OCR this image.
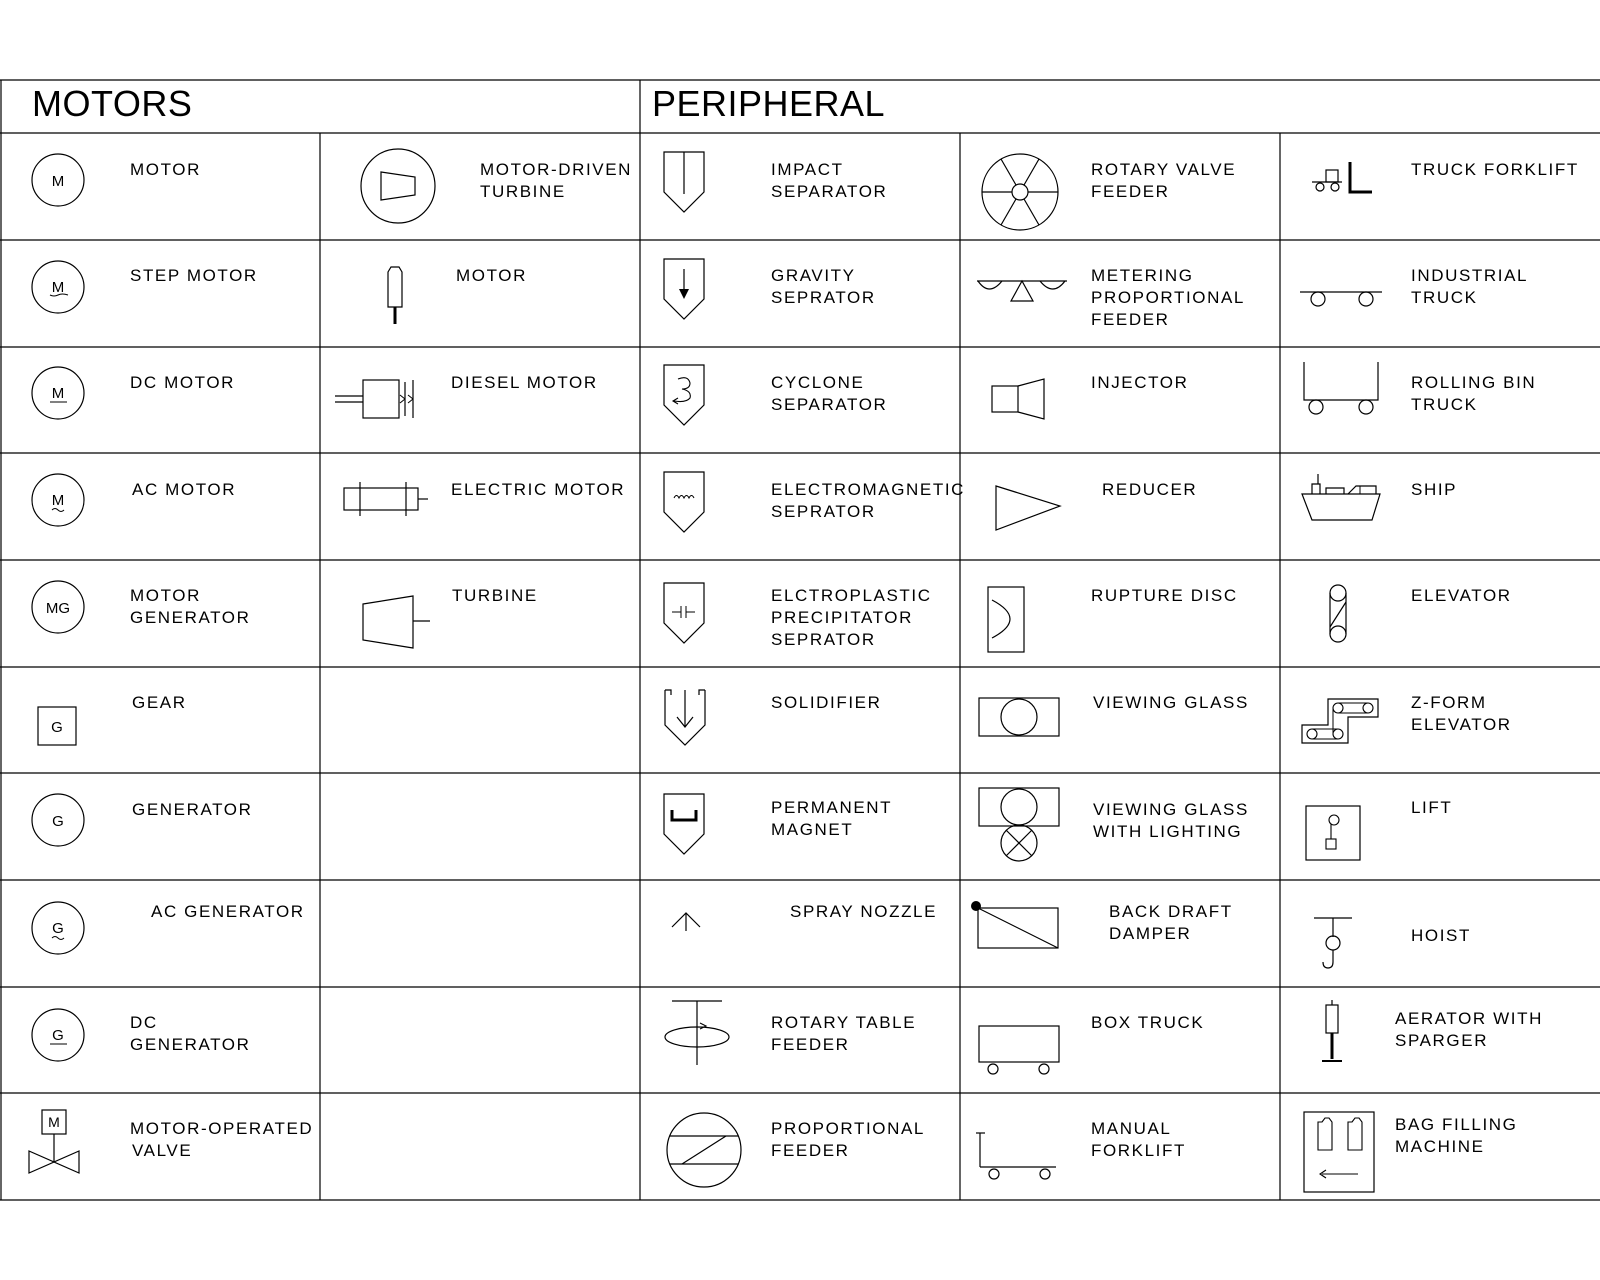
MOTORS	PERIPHERAL
M
M
M
M
MG
G
G
G
G
M
MOTOR
STEP MOTOR
DC MOTOR
AC MOTOR
MOTOR
GENERATOR
GEAR
GENERATOR
AC GENERATOR
DC
GENERATOR
MOTOR-OPERATED
VALVE
MOTOR-DRIVEN
TURBINE
MOTOR
DIESEL MOTOR
ELECTRIC MOTOR
TURBINE
IMPACT
SEPARATOR
GRAVITY
SEPRATOR
CYCLONE
SEPARATOR
ELECTROMAGNETIC
SEPRATOR
ELCTROPLASTIC
PRECIPITATOR
SEPRATOR
SOLIDIFIER
PERMANENT
MAGNET
SPRAY NOZZLE
ROTARY TABLE
FEEDER
PROPORTIONAL
FEEDER
ROTARY VALVE
FEEDER
METERING
PROPORTIONAL
FEEDER
INJECTOR
REDUCER
RUPTURE DISC
VIEWING GLASS
VIEWING GLASS
WITH LIGHTING
BACK DRAFT
DAMPER
BOX TRUCK
MANUAL
FORKLIFT
TRUCK FORKLIFT
INDUSTRIAL
TRUCK
ROLLING BIN
TRUCK
SHIP
ELEVATOR
Z-FORM
ELEVATOR
LIFT
HOIST
AERATOR WITH
SPARGER
BAG FILLING
MACHINE
